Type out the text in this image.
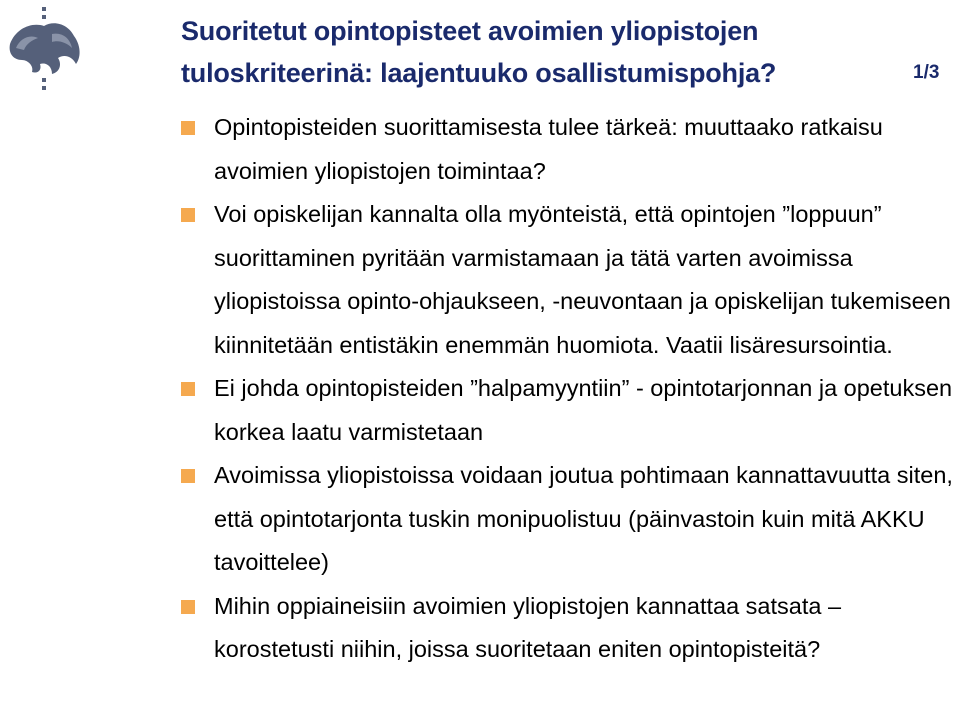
Suoritetut opintopisteet avoimien yliopistojen tuloskriteerinä: laajentuuko osallistumispohja?	1/3
Opintopisteiden suorittamisesta tulee tärkeä: muuttaako ratkaisu avoimien yliopistojen toimintaa?
Voi opiskelijan kannalta olla myönteistä, että opintojen ”loppuun” suorittaminen pyritään varmistamaan ja tätä varten avoimissa yliopistoissa opinto-ohjaukseen, -neuvontaan ja opiskelijan tukemiseen kiinnitetään entistäkin enemmän huomiota. Vaatii lisäresursointia.
Ei johda opintopisteiden ”halpamyyntiin” - opintotarjonnan ja opetuksen korkea laatu varmistetaan
Avoimissa yliopistoissa voidaan joutua pohtimaan kannattavuutta siten, että opintotarjonta tuskin monipuolistuu (päinvastoin kuin mitä AKKU tavoittelee)
Mihin oppiaineisiin avoimien yliopistojen kannattaa satsata – korostetusti niihin, joissa suoritetaan eniten opintopisteitä?
